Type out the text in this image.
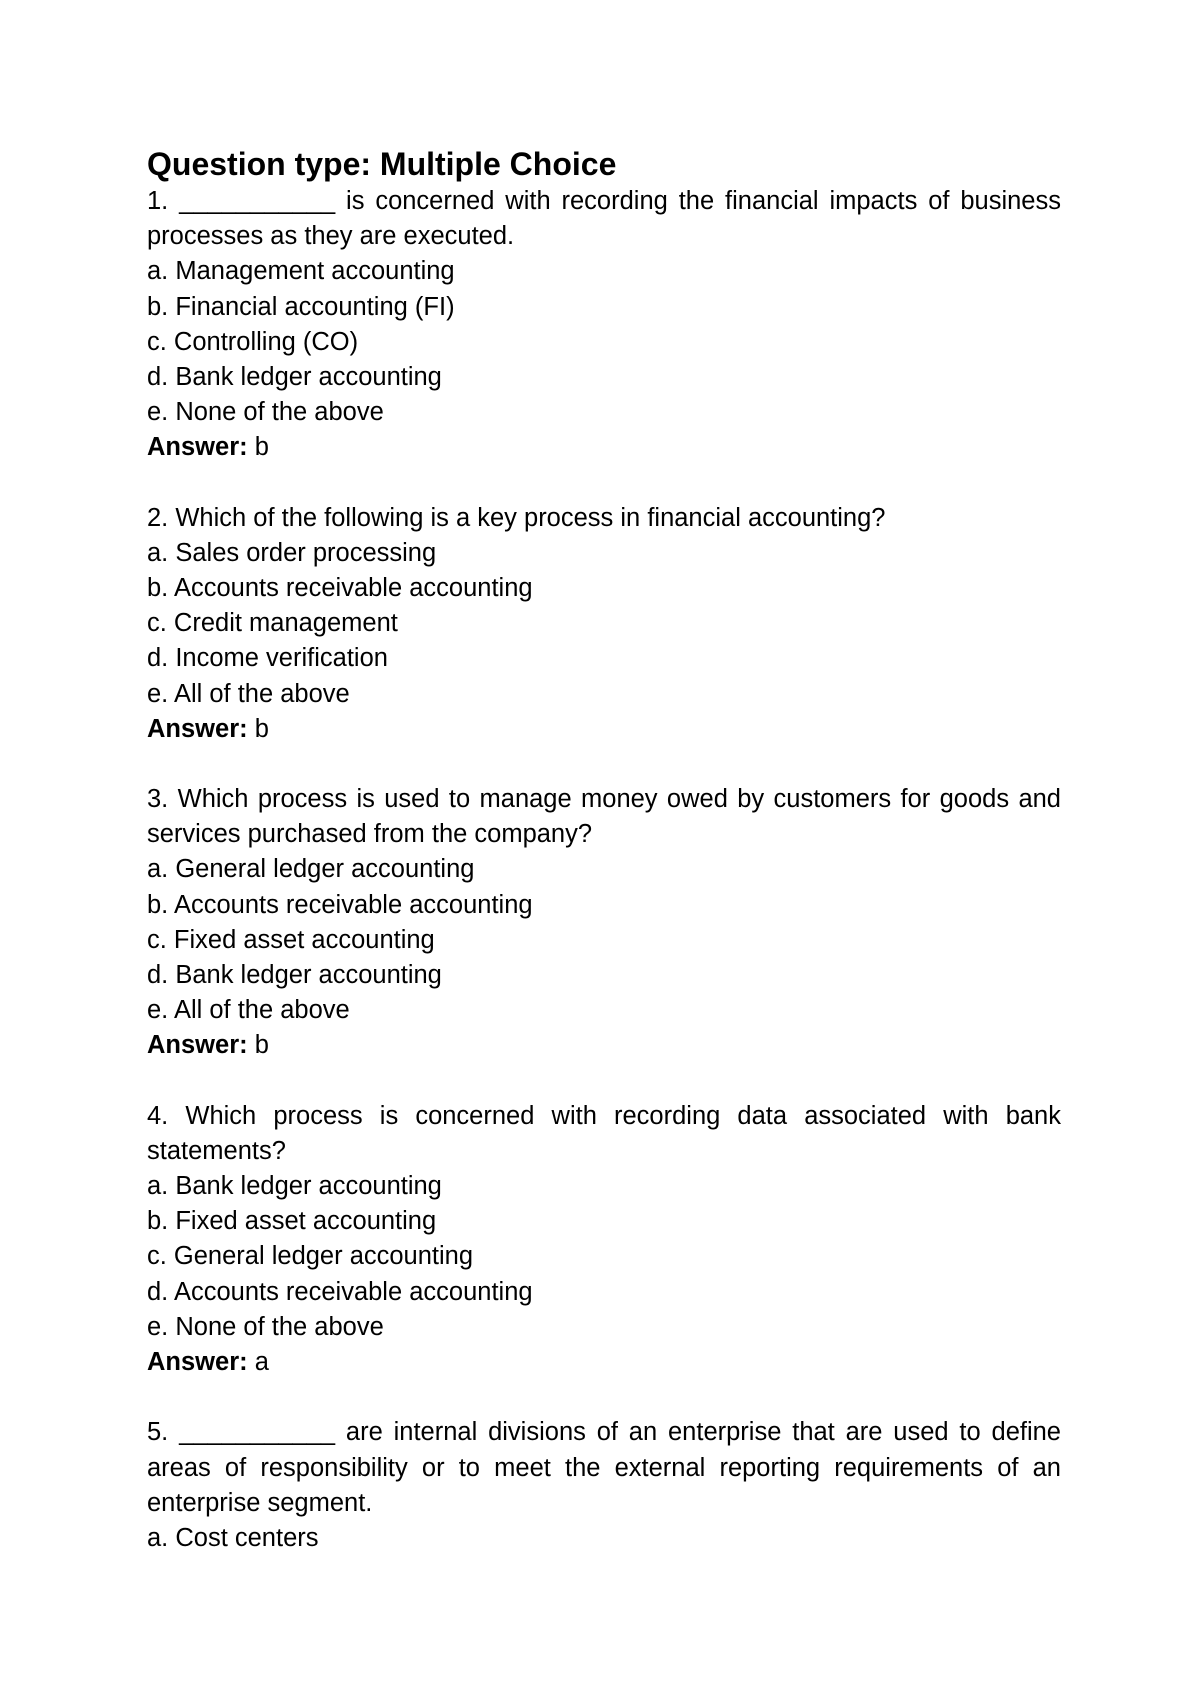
Question type: Multiple Choice
1. ___________ is concerned with recording the financial impacts of business processes as they are executed.
a. Management accounting
b. Financial accounting (FI)
c. Controlling (CO)
d. Bank ledger accounting
e. None of the above
Answer: b
2. Which of the following is a key process in financial accounting?
a. Sales order processing
b. Accounts receivable accounting
c. Credit management
d. Income verification
e. All of the above
Answer: b
3. Which process is used to manage money owed by customers for goods and services purchased from the company?
a. General ledger accounting
b. Accounts receivable accounting
c. Fixed asset accounting
d. Bank ledger accounting
e. All of the above
Answer: b
4. Which process is concerned with recording data associated with bank statements?
a. Bank ledger accounting
b. Fixed asset accounting
c. General ledger accounting
d. Accounts receivable accounting
e. None of the above
Answer: a
5. ___________ are internal divisions of an enterprise that are used to define areas of responsibility or to meet the external reporting requirements of an enterprise segment.
a. Cost centers
